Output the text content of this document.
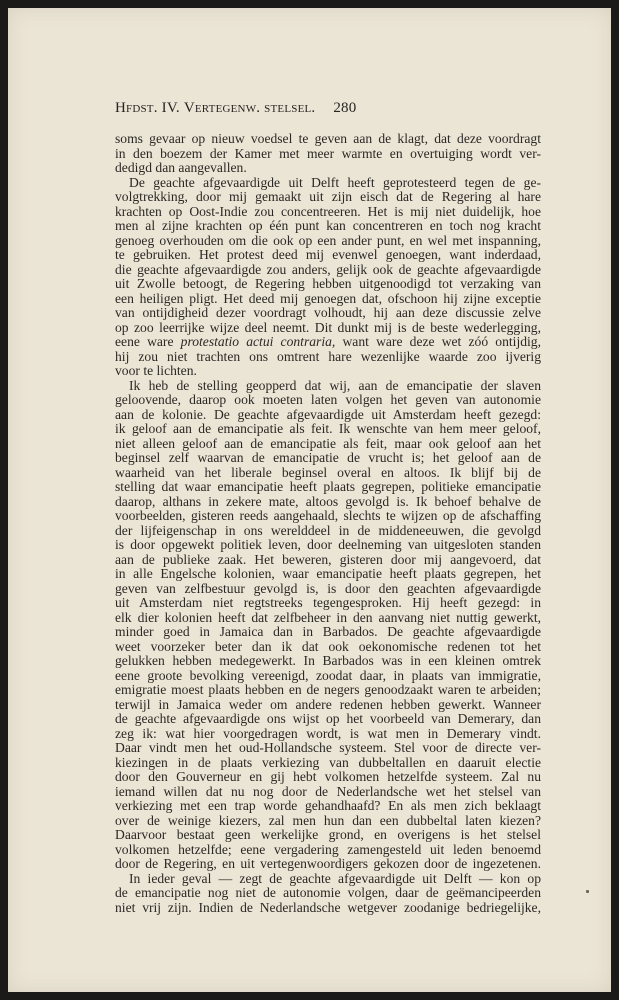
Hfdst. IV. Vertegenw. stelsel. 280
soms gevaar op nieuw voedsel te geven aan de klagt, dat deze voordragt
in den boezem der Kamer met meer warmte en overtuiging wordt ver-
dedigd dan aangevallen.
De geachte afgevaardigde uit Delft heeft geprotesteerd tegen de ge-
volgtrekking, door mij gemaakt uit zijn eisch dat de Regering al hare
krachten op Oost-Indie zou concentreeren. Het is mij niet duidelijk, hoe
men al zijne krachten op één punt kan concentreren en toch nog kracht
genoeg overhouden om die ook op een ander punt, en wel met inspanning,
te gebruiken. Het protest deed mij evenwel genoegen, want inderdaad,
die geachte afgevaardigde zou anders, gelijk ook de geachte afgevaardigde
uit Zwolle betoogt, de Regering hebben uitgenoodigd tot verzaking van
een heiligen pligt. Het deed mij genoegen dat, ofschoon hij zijne exceptie
van ontijdigheid dezer voordragt volhoudt, hij aan deze discussie zelve
op zoo leerrijke wijze deel neemt. Dit dunkt mij is de beste wederlegging,
eene ware protestatio actui contraria, want ware deze wet zóó ontijdig,
hij zou niet trachten ons omtrent hare wezenlijke waarde zoo ijverig
voor te lichten.
Ik heb de stelling geopperd dat wij, aan de emancipatie der slaven
geloovende, daarop ook moeten laten volgen het geven van autonomie
aan de kolonie. De geachte afgevaardigde uit Amsterdam heeft gezegd:
ik geloof aan de emancipatie als feit. Ik wenschte van hem meer geloof,
niet alleen geloof aan de emancipatie als feit, maar ook geloof aan het
beginsel zelf waarvan de emancipatie de vrucht is; het geloof aan de
waarheid van het liberale beginsel overal en altoos. Ik blijf bij de
stelling dat waar emancipatie heeft plaats gegrepen, politieke emancipatie
daarop, althans in zekere mate, altoos gevolgd is. Ik behoef behalve de
voorbeelden, gisteren reeds aangehaald, slechts te wijzen op de afschaffing
der lijfeigenschap in ons werelddeel in de middeneeuwen, die gevolgd
is door opgewekt politiek leven, door deelneming van uitgesloten standen
aan de publieke zaak. Het beweren, gisteren door mij aangevoerd, dat
in alle Engelsche kolonien, waar emancipatie heeft plaats gegrepen, het
geven van zelfbestuur gevolgd is, is door den geachten afgevaardigde
uit Amsterdam niet regtstreeks tegengesproken. Hij heeft gezegd: in
elk dier kolonien heeft dat zelfbeheer in den aanvang niet nuttig gewerkt,
minder goed in Jamaica dan in Barbados. De geachte afgevaardigde
weet voorzeker beter dan ik dat ook oekonomische redenen tot het
gelukken hebben medegewerkt. In Barbados was in een kleinen omtrek
eene groote bevolking vereenigd, zoodat daar, in plaats van immigratie,
emigratie moest plaats hebben en de negers genoodzaakt waren te arbeiden;
terwijl in Jamaica weder om andere redenen hebben gewerkt. Wanneer
de geachte afgevaardigde ons wijst op het voorbeeld van Demerary, dan
zeg ik: wat hier voorgedragen wordt, is wat men in Demerary vindt.
Daar vindt men het oud-Hollandsche systeem. Stel voor de directe ver-
kiezingen in de plaats verkiezing van dubbeltallen en daaruit electie
door den Gouverneur en gij hebt volkomen hetzelfde systeem. Zal nu
iemand willen dat nu nog door de Nederlandsche wet het stelsel van
verkiezing met een trap worde gehandhaafd? En als men zich beklaagt
over de weinige kiezers, zal men hun dan een dubbeltal laten kiezen?
Daarvoor bestaat geen werkelijke grond, en overigens is het stelsel
volkomen hetzelfde; eene vergadering zamengesteld uit leden benoemd
door de Regering, en uit vertegenwoordigers gekozen door de ingezetenen.
In ieder geval — zegt de geachte afgevaardigde uit Delft — kon op
de emancipatie nog niet de autonomie volgen, daar de geëmancipeerden
niet vrij zijn. Indien de Nederlandsche wetgever zoodanige bedriegelijke,
